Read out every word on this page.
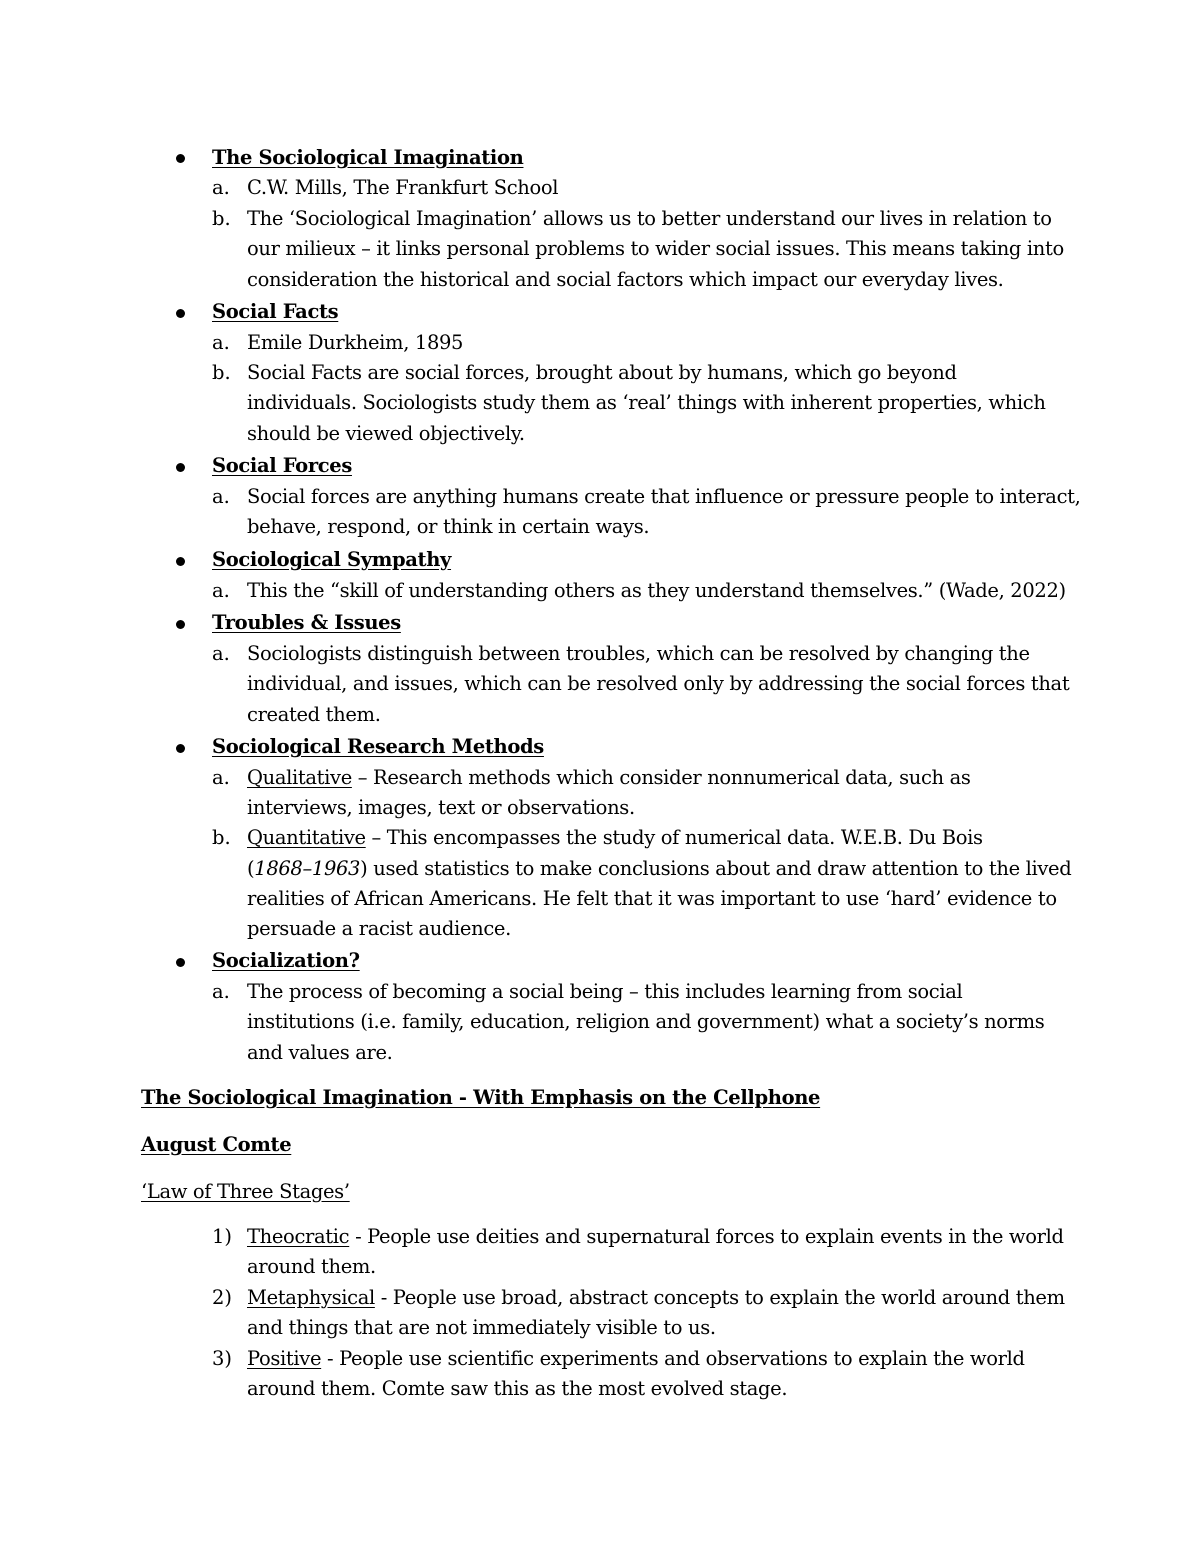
The Sociological Imagination
a. C.W. Mills, The Frankfurt School
b. The ‘Sociological Imagination’ allows us to better understand our lives in relation to
our milieux – it links personal problems to wider social issues. This means taking into
consideration the historical and social factors which impact our everyday lives.
Social Facts
a. Emile Durkheim, 1895
b. Social Facts are social forces, brought about by humans, which go beyond
individuals. Sociologists study them as ‘real’ things with inherent properties, which
should be viewed objectively.
Social Forces
a. Social forces are anything humans create that influence or pressure people to interact,
behave, respond, or think in certain ways.
Sociological Sympathy
a. This the “skill of understanding others as they understand themselves.” (Wade, 2022)
Troubles & Issues
a. Sociologists distinguish between troubles, which can be resolved by changing the
individual, and issues, which can be resolved only by addressing the social forces that
created them.
Sociological Research Methods
a. Qualitative – Research methods which consider nonnumerical data, such as
interviews, images, text or observations.
b. Quantitative – This encompasses the study of numerical data. W.E.B. Du Bois
(1868–1963) used statistics to make conclusions about and draw attention to the lived
realities of African Americans. He felt that it was important to use ‘hard’ evidence to
persuade a racist audience.
Socialization?
a. The process of becoming a social being – this includes learning from social
institutions (i.e. family, education, religion and government) what a society’s norms
and values are.
The Sociological Imagination - With Emphasis on the Cellphone
August Comte
‘Law of Three Stages’
1) Theocratic - People use deities and supernatural forces to explain events in the world
around them.
2) Metaphysical - People use broad, abstract concepts to explain the world around them
and things that are not immediately visible to us.
3) Positive - People use scientific experiments and observations to explain the world
around them. Comte saw this as the most evolved stage.
